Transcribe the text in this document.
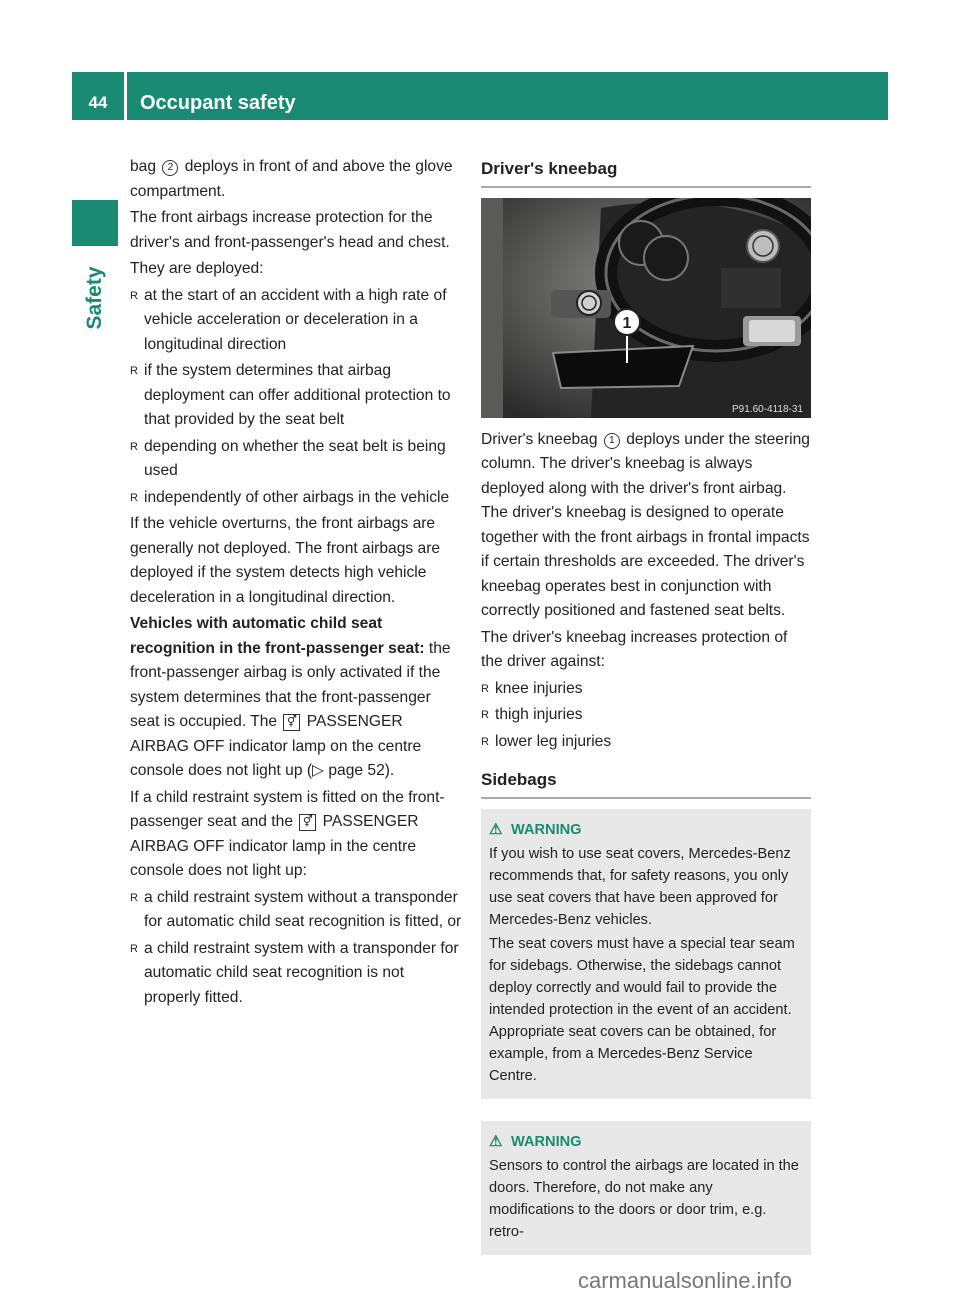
44	Occupant safety
Safety

bag 2 deploys in front of and above the glove compartment.

The front airbags increase protection for the driver's and front-passenger's head and chest.

They are deployed:

R at the start of an accident with a high rate of vehicle acceleration or deceleration in a longitudinal direction
R if the system determines that airbag deployment can offer additional protection to that provided by the seat belt
R depending on whether the seat belt is being used
R independently of other airbags in the vehicle

If the vehicle overturns, the front airbags are generally not deployed. The front airbags are deployed if the system detects high vehicle deceleration in a longitudinal direction.

Vehicles with automatic child seat recognition in the front-passenger seat: the front-passenger airbag is only activated if the system determines that the front-passenger seat is occupied. The ⚥ PASSENGER AIRBAG OFF indicator lamp on the centre console does not light up (▷ page 52).

If a child restraint system is fitted on the front-passenger seat and the ⚥ PASSENGER AIRBAG OFF indicator lamp in the centre console does not light up:

R a child restraint system without a transponder for automatic child seat recognition is fitted, or
R a child restraint system with a transponder for automatic child seat recognition is not properly fitted.
Driver's kneebag
1
P91.60-4118-31

Driver's kneebag 1 deploys under the steering column. The driver's kneebag is always deployed along with the driver's front airbag. The driver's kneebag is designed to operate together with the front airbags in frontal impacts if certain thresholds are exceeded. The driver's kneebag operates best in conjunction with correctly positioned and fastened seat belts.

The driver's kneebag increases protection of the driver against:

R knee injuries
R thigh injuries
R lower leg injuries
Sidebags
⚠ WARNING

If you wish to use seat covers, Mercedes-Benz recommends that, for safety reasons, you only use seat covers that have been approved for Mercedes-Benz vehicles.

The seat covers must have a special tear seam for sidebags. Otherwise, the sidebags cannot deploy correctly and would fail to provide the intended protection in the event of an accident. Appropriate seat covers can be obtained, for example, from a Mercedes-Benz Service Centre.

⚠ WARNING

Sensors to control the airbags are located in the doors. Therefore, do not make any modifications to the doors or door trim, e.g. retro-

carmanualsonline.info
